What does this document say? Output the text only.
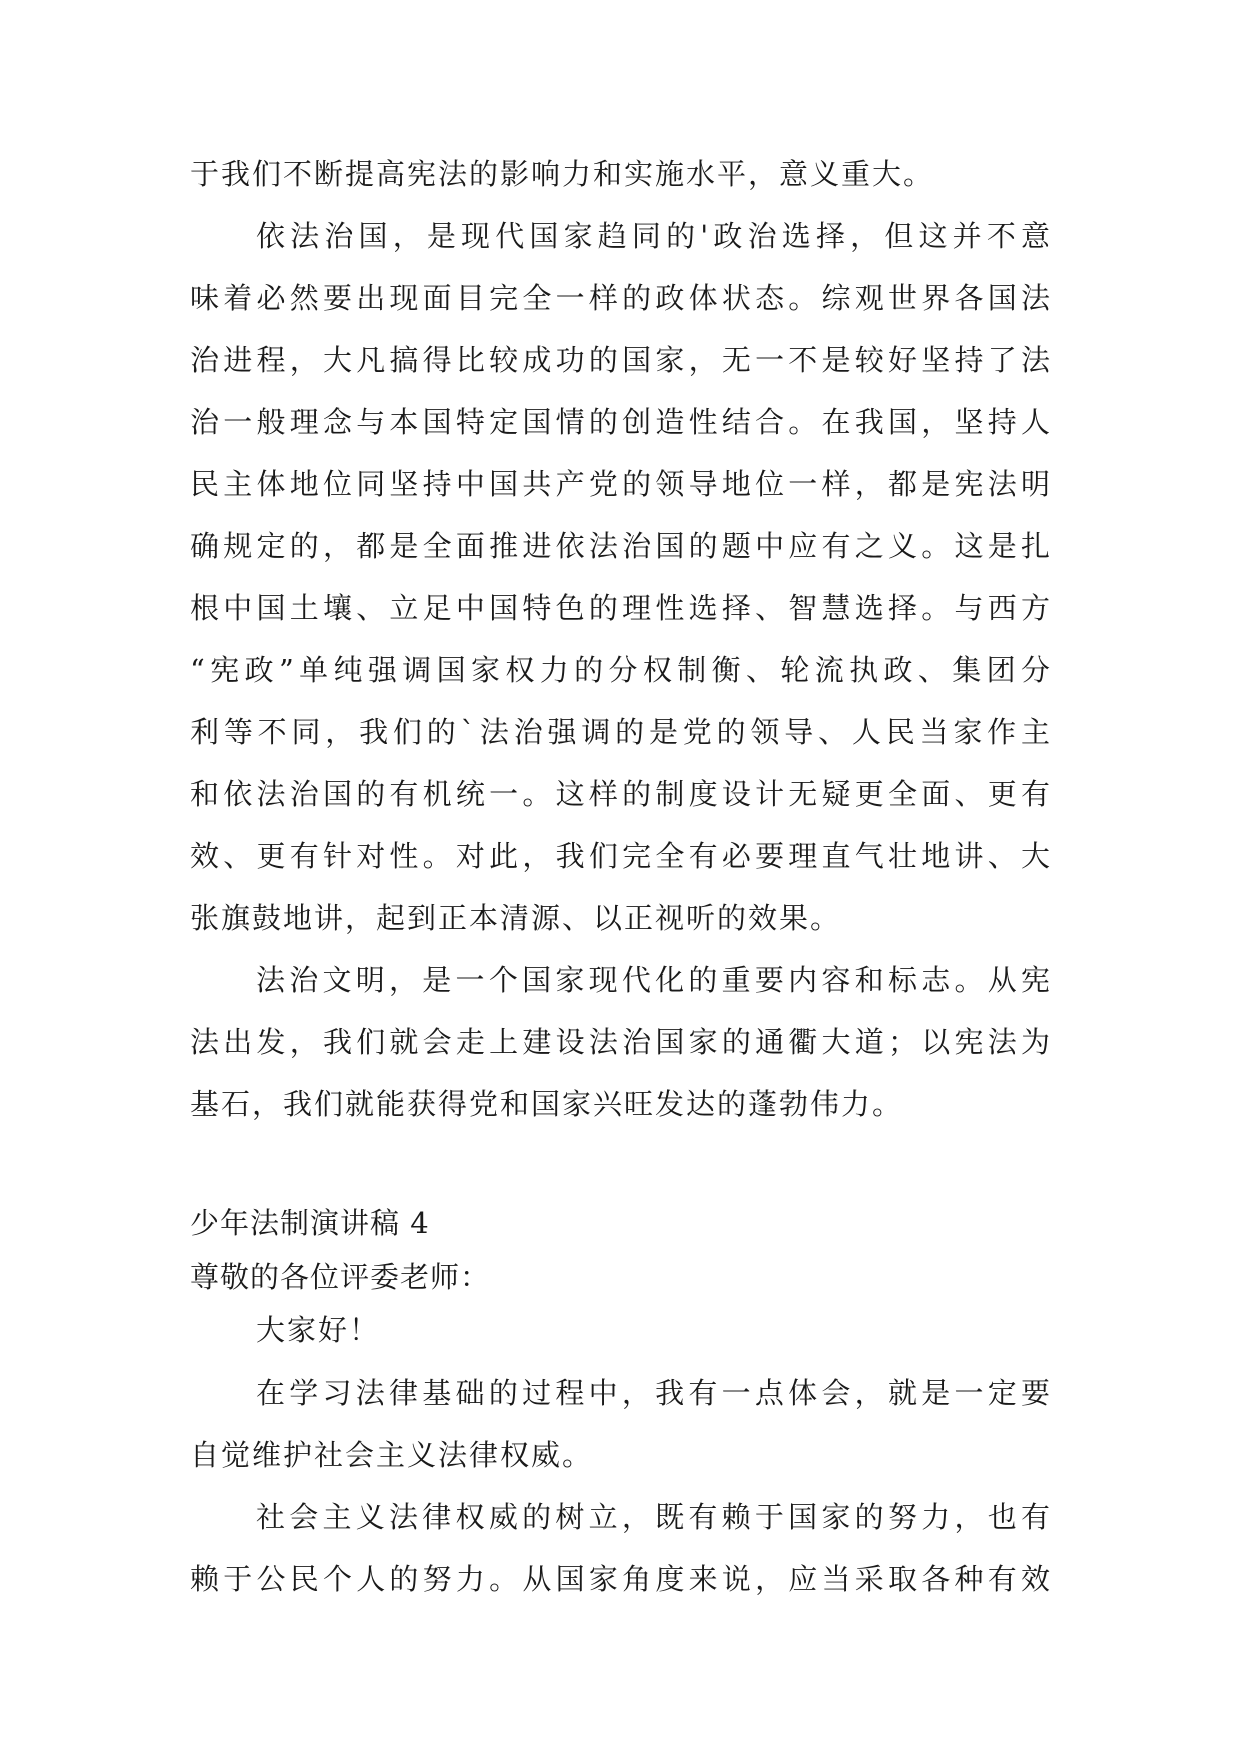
于我们不断提高宪法的影响力和实施水平，意义重大。
依法治国，是现代国家趋同的'政治选择，但这并不意
味着必然要出现面目完全一样的政体状态。综观世界各国法
治进程，大凡搞得比较成功的国家，无一不是较好坚持了法
治一般理念与本国特定国情的创造性结合。在我国，坚持人
民主体地位同坚持中国共产党的领导地位一样，都是宪法明
确规定的，都是全面推进依法治国的题中应有之义。这是扎
根中国土壤、立足中国特色的理性选择、智慧选择。与西方
“宪政”单纯强调国家权力的分权制衡、轮流执政、集团分
利等不同，我们的`法治强调的是党的领导、人民当家作主
和依法治国的有机统一。这样的制度设计无疑更全面、更有
效、更有针对性。对此，我们完全有必要理直气壮地讲、大
张旗鼓地讲，起到正本清源、以正视听的效果。
法治文明，是一个国家现代化的重要内容和标志。从宪
法出发，我们就会走上建设法治国家的通衢大道；以宪法为
基石，我们就能获得党和国家兴旺发达的蓬勃伟力。
少年法制演讲稿 4
尊敬的各位评委老师：
大家好！
在学习法律基础的过程中，我有一点体会，就是一定要
自觉维护社会主义法律权威。
社会主义法律权威的树立，既有赖于国家的努力，也有
赖于公民个人的努力。从国家角度来说，应当采取各种有效
